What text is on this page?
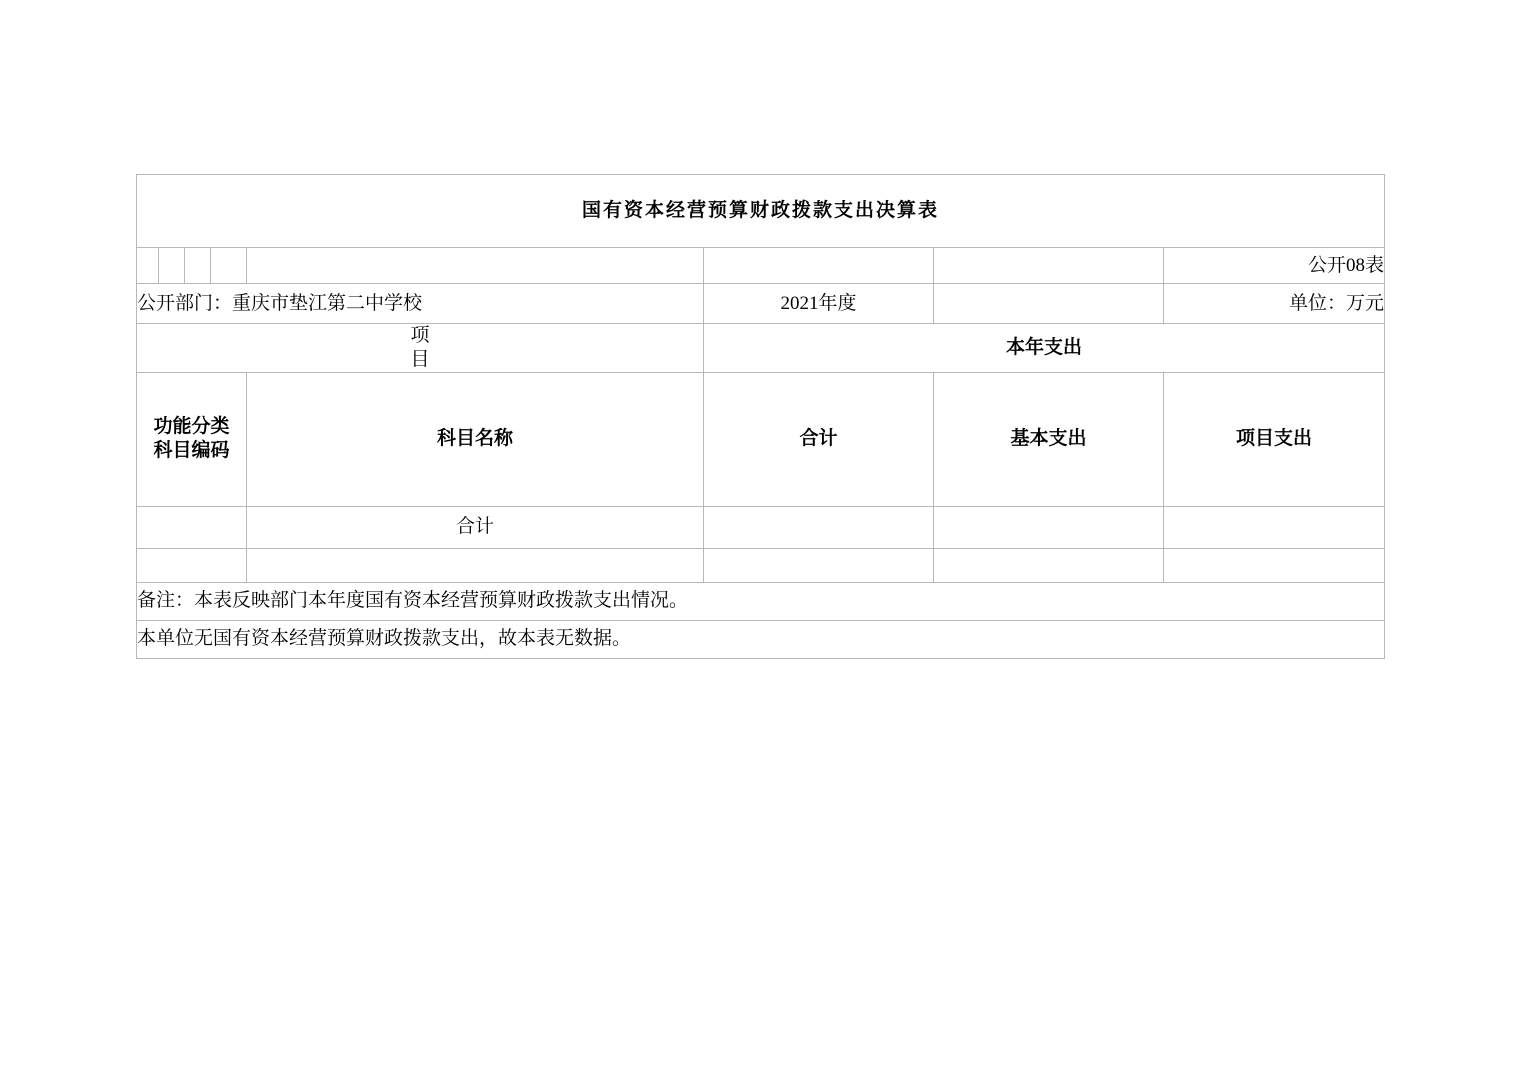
国有资本经营预算财政拨款支出决算表							
							公开08表
公开部门：重庆市垫江第二中学校					2021年度		单位：万元
项　　　　目					本年支出		

功能分类
科目编码				科目名称	合计	基本支出	项目支出
				合计			

备注：本表反映部门本年度国有资本经营预算财政拨款支出情况。							
本单位无国有资本经营预算财政拨款支出，故本表无数据。							
